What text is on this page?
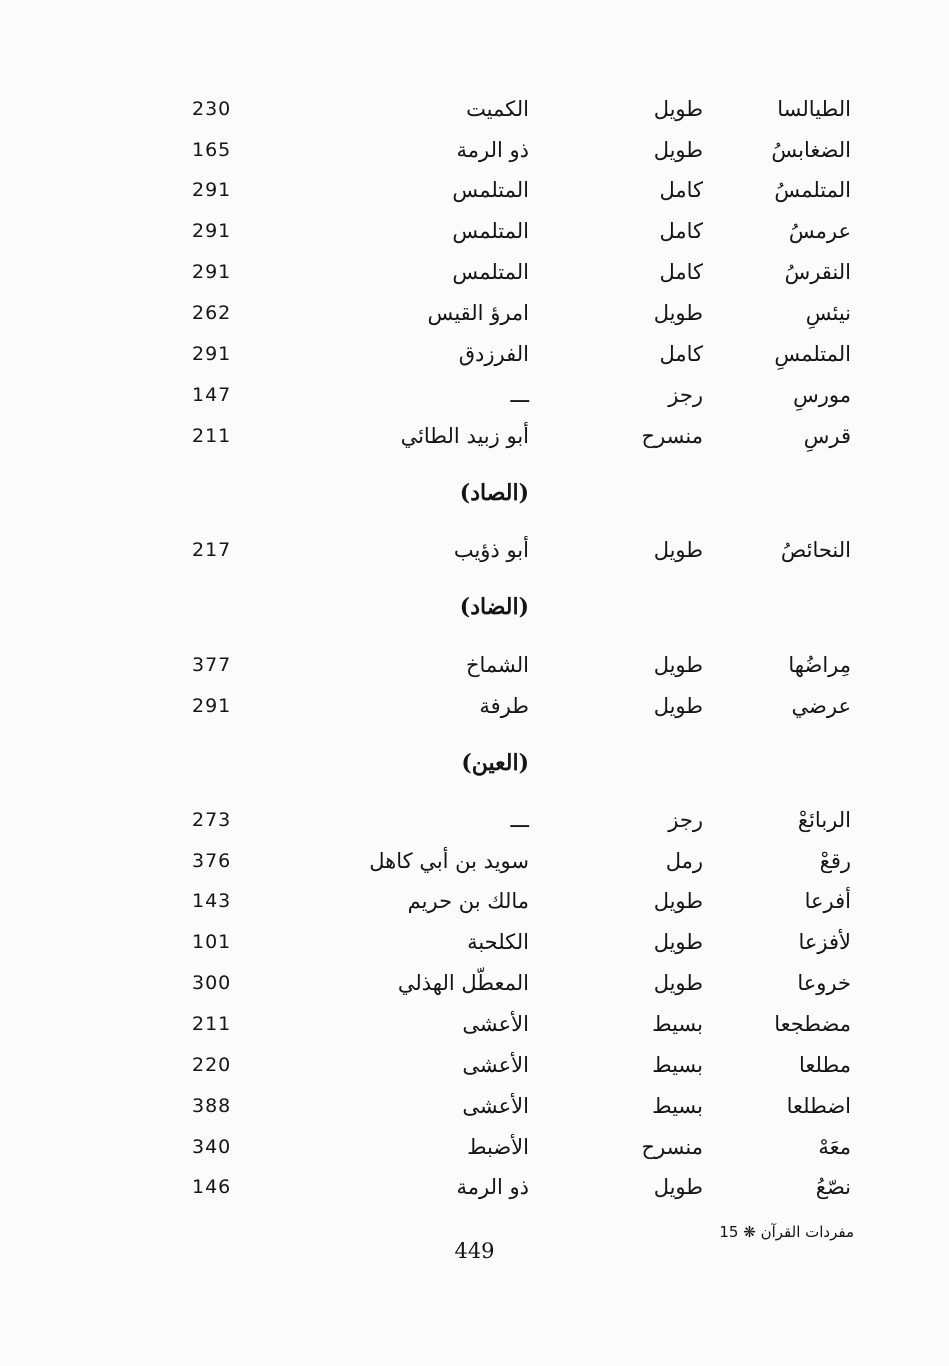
الطيالسا
طويل
الكميت
230
الضغابسُ
طويل
ذو الرمة
165
المتلمسُ
كامل
المتلمس
291
عرمسُ
كامل
المتلمس
291
النقرسُ
كامل
المتلمس
291
نيئسِ
طويل
امرؤ القيس
262
المتلمسِ
كامل
الفرزدق
291
مورسِ
رجز
ـــ
147
قرسِ
منسرح
أبو زبيد الطائي
211
(الصاد)
النحائصُ
طويل
أبو ذؤيب
217
(الضاد)
مِراضُها
طويل
الشماخ
377
عرضي
طويل
طرفة
291
(العين)
الربائعْ
رجز
ـــ
273
رقعْ
رمل
سويد بن أبي كاهل
376
أفرعا
طويل
مالك بن حريم
143
لأفزعا
طويل
الكلحبة
101
خروعا
طويل
المعطّل الهذلي
300
مضطجعا
بسيط
الأعشى
211
مطلعا
بسيط
الأعشى
220
اضطلعا
بسيط
الأعشى
388
معَهْ
منسرح
الأضبط
340
نصّعُ
طويل
ذو الرمة
146
مفردات القرآن ❋ 15
449
